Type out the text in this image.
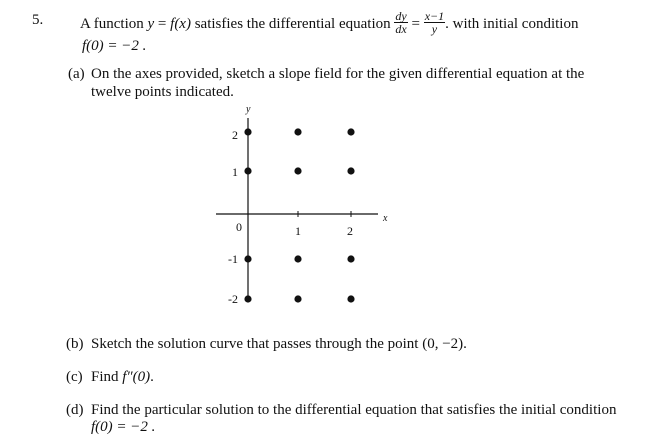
5. A function y = f(x) satisfies the differential equation $\frac{dy}{dx} = \frac{x-1}{y}$ . with initial condition
f(0) = −2 .
(a) On the axes provided, sketch a slope field for the given differential equation at the
twelve points indicated.
y
x
0	1	2
2
1
-1
-2
(b) Sketch the solution curve that passes through the point (0, −2).
(c) Find f″(0).
(d) Find the particular solution to the differential equation that satisfies the initial condition
f(0) = −2 .
